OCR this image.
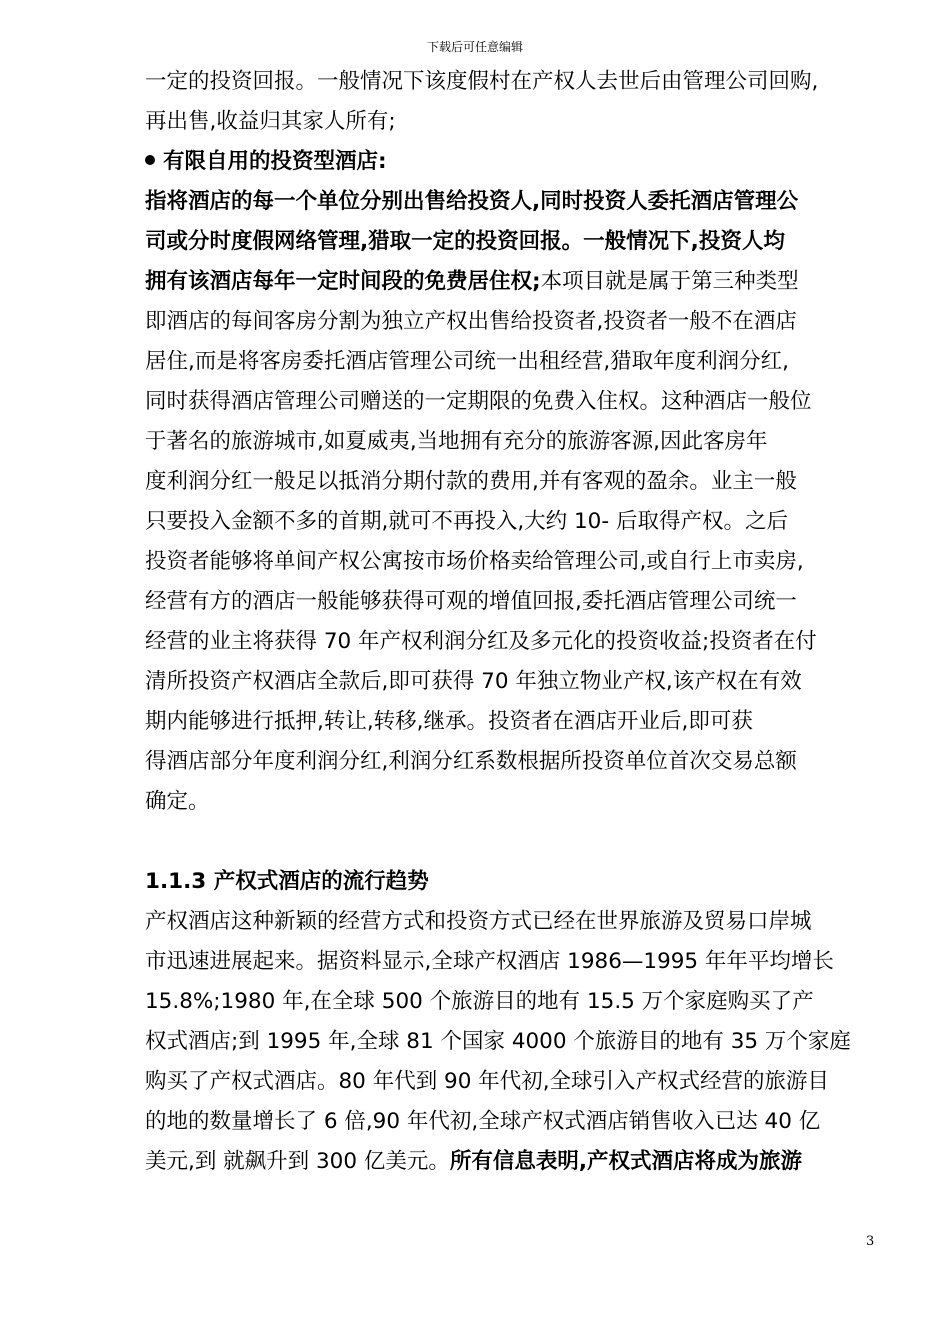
下载后可任意编辑
一定的投资回报。一般情况下该度假村在产权人去世后由管理公司回购,
再出售,收益归其家人所有;
有限自用的投资型酒店:
指将酒店的每一个单位分别出售给投资人,同时投资人委托酒店管理公
司或分时度假网络管理,猎取一定的投资回报。一般情况下,投资人均
拥有该酒店每年一定时间段的免费居住权;本项目就是属于第三种类型
即酒店的每间客房分割为独立产权出售给投资者,投资者一般不在酒店
居住,而是将客房委托酒店管理公司统一出租经营,猎取年度利润分红,
同时获得酒店管理公司赠送的一定期限的免费入住权。这种酒店一般位
于著名的旅游城市,如夏威夷,当地拥有充分的旅游客源,因此客房年
度利润分红一般足以抵消分期付款的费用,并有客观的盈余。业主一般
只要投入金额不多的首期,就可不再投入,大约 10- 后取得产权。之后
投资者能够将单间产权公寓按市场价格卖给管理公司,或自行上市卖房,
经营有方的酒店一般能够获得可观的增值回报,委托酒店管理公司统一
经营的业主将获得 70 年产权利润分红及多元化的投资收益;投资者在付
清所投资产权酒店全款后,即可获得 70 年独立物业产权,该产权在有效
期内能够进行抵押,转让,转移,继承。投资者在酒店开业后,即可获
得酒店部分年度利润分红,利润分红系数根据所投资单位首次交易总额
确定。
1.1.3 产权式酒店的流行趋势
产权酒店这种新颖的经营方式和投资方式已经在世界旅游及贸易口岸城
市迅速进展起来。据资料显示,全球产权酒店 1986—1995 年年平均增长
15.8%;1980 年,在全球 500 个旅游目的地有 15.5 万个家庭购买了产
权式酒店;到 1995 年,全球 81 个国家 4000 个旅游目的地有 35 万个家庭
购买了产权式酒店。80 年代到 90 年代初,全球引入产权式经营的旅游目
的地的数量增长了 6 倍,90 年代初,全球产权式酒店销售收入已达 40 亿
美元,到 就飙升到 300 亿美元。所有信息表明,产权式酒店将成为旅游
3
